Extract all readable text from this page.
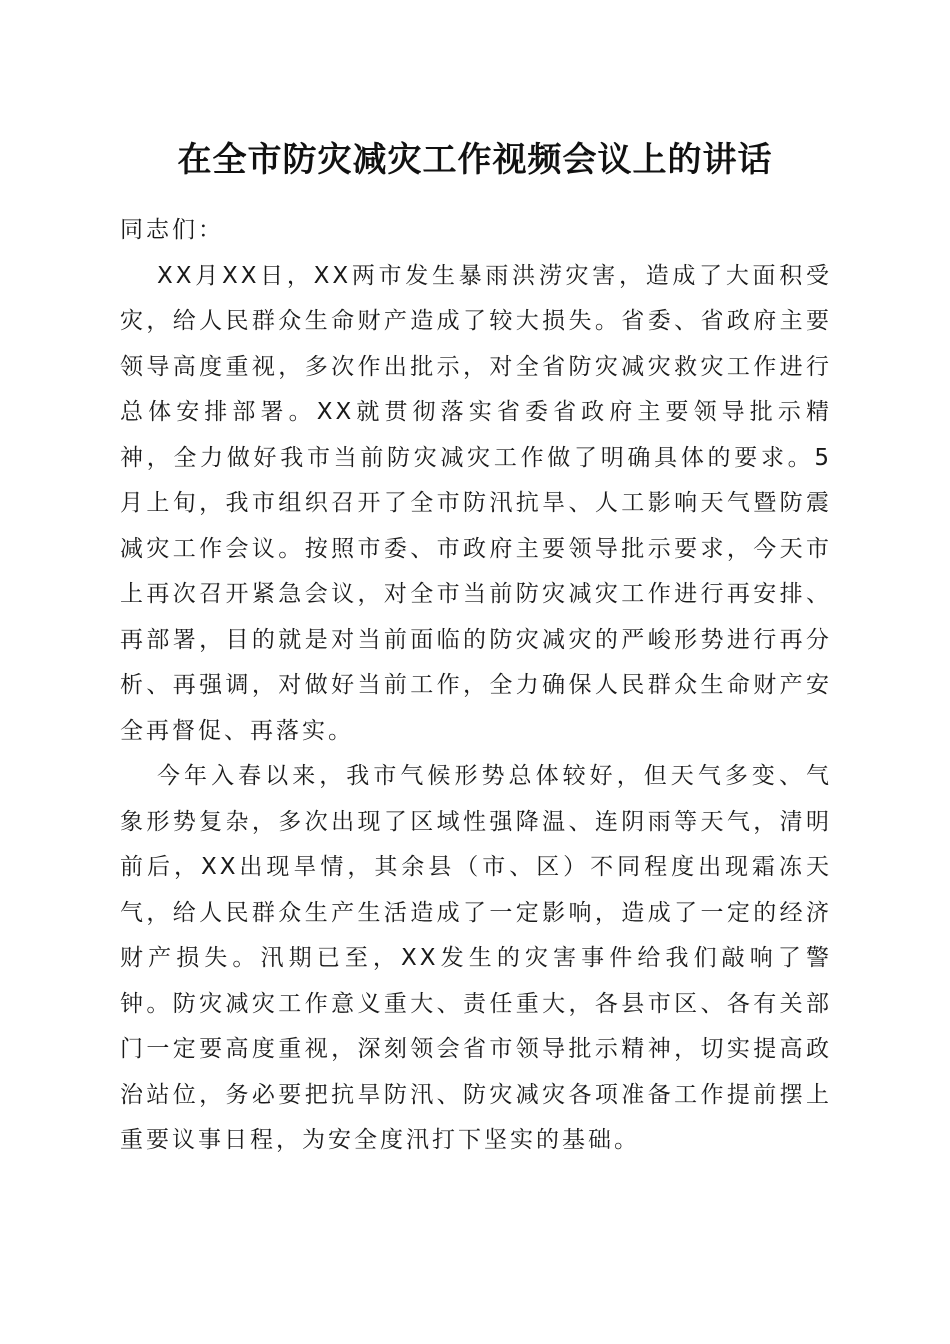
在全市防灾减灾工作视频会议上的讲话

同志们：

XX月XX日，XX两市发生暴雨洪涝灾害，造成了大面积受灾，给人民群众生命财产造成了较大损失。省委、省政府主要领导高度重视，多次作出批示，对全省防灾减灾救灾工作进行总体安排部署。XX就贯彻落实省委省政府主要领导批示精神，全力做好我市当前防灾减灾工作做了明确具体的要求。5月上旬，我市组织召开了全市防汛抗旱、人工影响天气暨防震减灾工作会议。按照市委、市政府主要领导批示要求，今天市上再次召开紧急会议，对全市当前防灾减灾工作进行再安排、再部署，目的就是对当前面临的防灾减灾的严峻形势进行再分析、再强调，对做好当前工作，全力确保人民群众生命财产安全再督促、再落实。

今年入春以来，我市气候形势总体较好，但天气多变、气象形势复杂，多次出现了区域性强降温、连阴雨等天气，清明前后，XX出现旱情，其余县（市、区）不同程度出现霜冻天气，给人民群众生产生活造成了一定影响，造成了一定的经济财产损失。汛期已至，XX发生的灾害事件给我们敲响了警钟。防灾减灾工作意义重大、责任重大，各县市区、各有关部门一定要高度重视，深刻领会省市领导批示精神，切实提高政治站位，务必要把抗旱防汛、防灾减灾各项准备工作提前摆上重要议事日程，为安全度汛打下坚实的基础。
